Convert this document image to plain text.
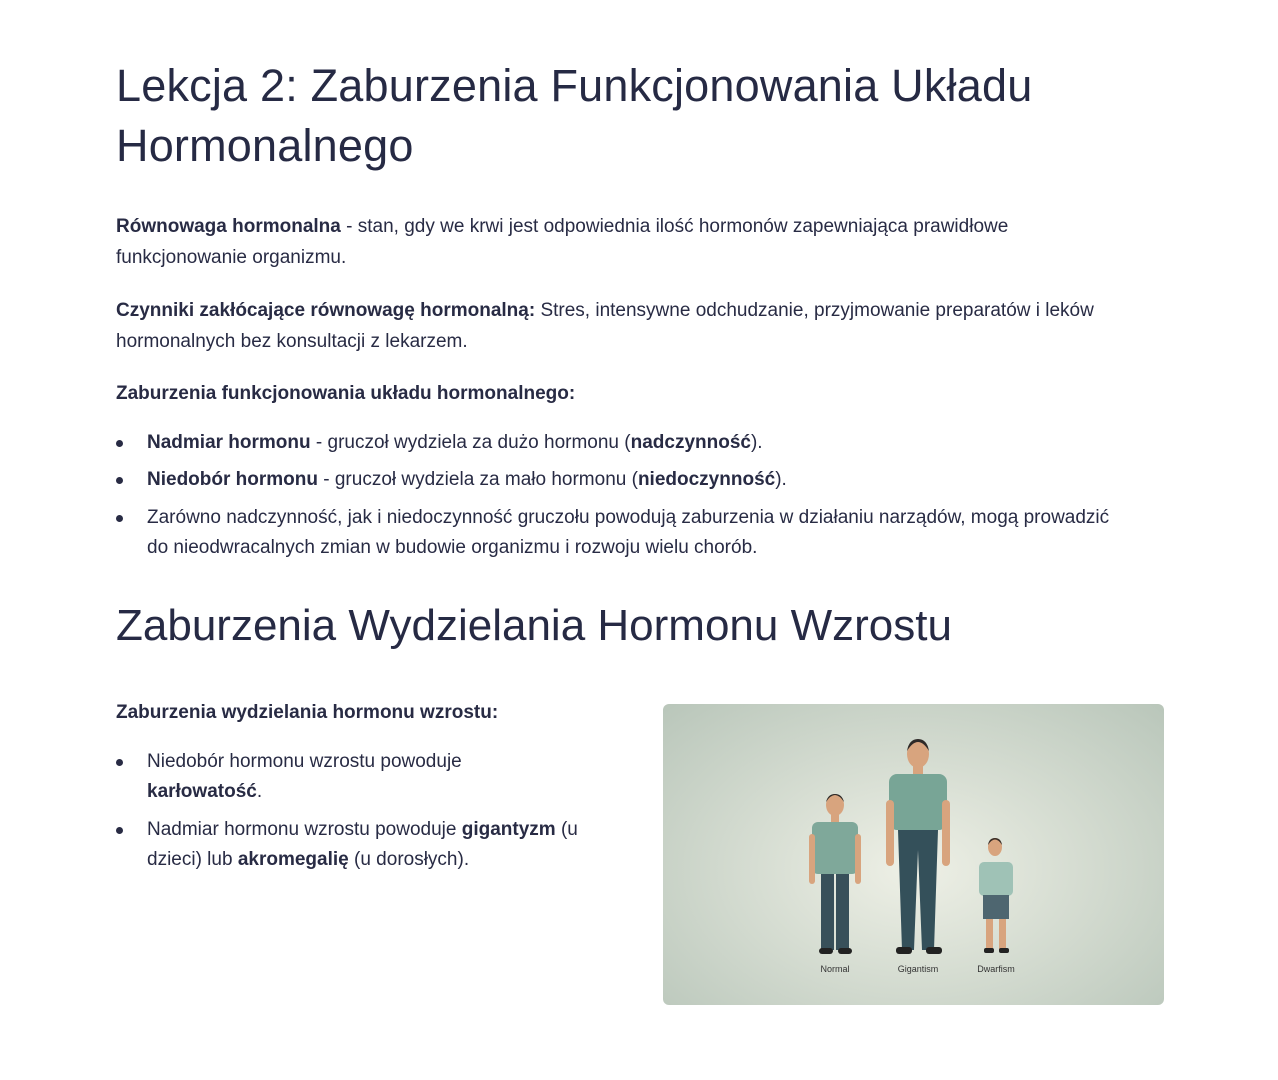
Lekcja 2: Zaburzenia Funkcjonowania Układu Hormonalnego

Równowaga hormonalna - stan, gdy we krwi jest odpowiednia ilość hormonów zapewniająca prawidłowe funkcjonowanie organizmu.

Czynniki zakłócające równowagę hormonalną: Stres, intensywne odchudzanie, przyjmowanie preparatów i leków hormonalnych bez konsultacji z lekarzem.

Zaburzenia funkcjonowania układu hormonalnego:

Nadmiar hormonu - gruczoł wydziela za dużo hormonu (nadczynność).
Niedobór hormonu - gruczoł wydziela za mało hormonu (niedoczynność).
Zarówno nadczynność, jak i niedoczynność gruczołu powodują zaburzenia w działaniu narządów, mogą prowadzić do nieodwracalnych zmian w budowie organizmu i rozwoju wielu chorób.
Zaburzenia Wydzielania Hormonu Wzrostu

Zaburzenia wydzielania hormonu wzrostu:

Niedobór hormonu wzrostu powoduje
karłowatość.
Nadmiar hormonu wzrostu powoduje gigantyzm (u dzieci) lub akromegalię (u dorosłych).
Normal	Gigantism	Dwarfism
